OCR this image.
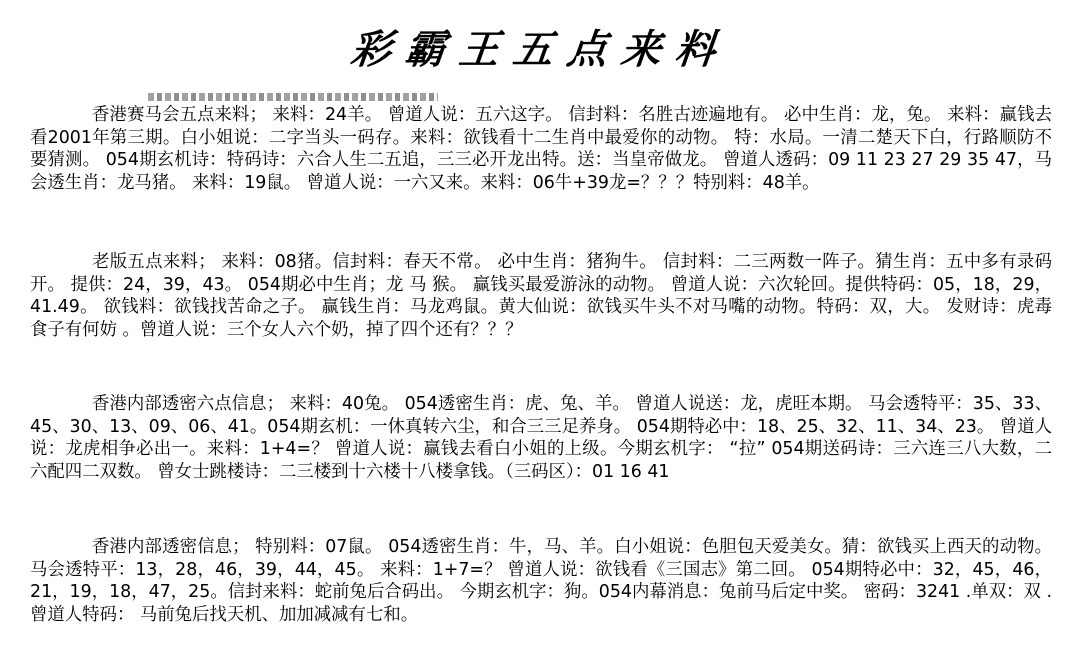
彩霸王五点来料

香港赛马会五点来料； 来料：24羊。 曾道人说：五六这字。 信封料：名胜古迹遍地有。 必中生肖：龙，兔。 来料：赢钱去看2001年第三期。白小姐说：二字当头一码存。来料：欲钱看十二生肖中最爱你的动物。 特：水局。一清二楚天下白，行路顺防不要猜测。 054期玄机诗：特码诗：六合人生二五追，三三必开龙出特。送：当皇帝做龙。 曾道人透码：09 11 23 27 29 35 47，马会透生肖：龙马猪。 来料：19鼠。 曾道人说：一六又来。来料：06牛+39龙=？？？特别料：48羊。

老版五点来料； 来料：08猪。信封料：春天不常。 必中生肖：猪狗牛。 信封料：二三两数一阵子。猜生肖：五中多有录码开。 提供：24，39，43。 054期必中生肖；龙 马 猴。 赢钱买最爱游泳的动物。 曾道人说：六次轮回。提供特码：05，18，29，41.49。 欲钱料：欲钱找苦命之子。 赢钱生肖：马龙鸡鼠。黄大仙说：欲钱买牛头不对马嘴的动物。特码：双，大。 发财诗：虎毒食子有何妨 。曾道人说：三个女人六个奶，掉了四个还有？？？

香港内部透密六点信息； 来料：40兔。 054透密生肖：虎、兔、羊。 曾道人说送：龙，虎旺本期。 马会透特平：35、33、45、30、13、09、06、41。054期玄机：一休真转六尘，和合三三足养身。 054期特必中：18、25、32、11、34、23。 曾道人说：龙虎相争必出一。来料：1+4=？ 曾道人说：赢钱去看白小姐的上级。今期玄机字： “拉” 054期送码诗：三六连三八大数，二六配四二双数。 曾女士跳楼诗：二三楼到十六楼十八楼拿钱。（三码区）：01 16 41

香港内部透密信息； 特别料：07鼠。 054透密生肖：牛，马、羊。白小姐说：色胆包天爱美女。猜：欲钱买上西天的动物。 马会透特平：13，28，46，39，44，45。 来料：1+7=？ 曾道人说：欲钱看《三国志》第二回。 054期特必中：32，45，46，21，19，18，47，25。信封来料：蛇前兔后合码出。 今期玄机字：狗。054内幕消息：兔前马后定中奖。 密码：3241 .单双：双 . 曾道人特码： 马前兔后找天机、加加减减有七和。
